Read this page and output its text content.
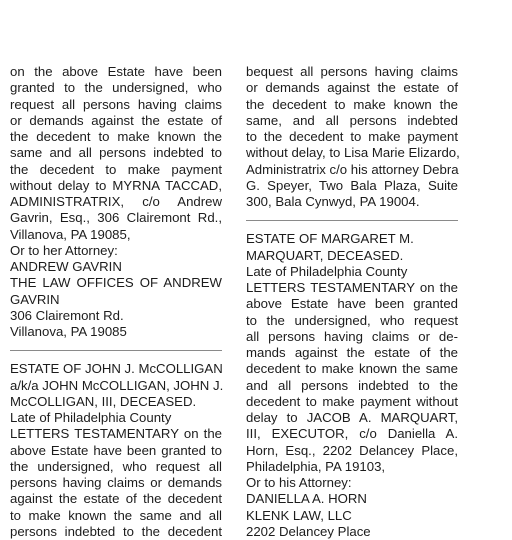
on the above Estate have been
granted to the undersigned, who
request all persons having claims
or demands against the estate of
the decedent to make known the
same and all persons indebted to
the decedent to make payment
without delay to MYRNA TACCAD,
ADMINISTRATRIX, c/o Andrew
Gavrin, Esq., 306 Clairemont Rd.,
Villanova, PA 19085,
Or to her Attorney:
ANDREW GAVRIN
THE LAW OFFICES OF ANDREW
GAVRIN
306 Clairemont Rd.
Villanova, PA 19085
ESTATE OF JOHN J. McCOLLIGAN
a/k/a JOHN McCOLLIGAN, JOHN J.
McCOLLIGAN, III, DECEASED.
Late of Philadelphia County
LETTERS TESTAMENTARY on the
above Estate have been granted to
the undersigned, who request all
persons having claims or demands
against the estate of the decedent
to make known the same and all
persons indebted to the decedent
bequest all persons having claims
or demands against the estate of
the decedent to make known the
same, and all persons indebted
to the decedent to make payment
without delay, to Lisa Marie Elizardo,
Administratrix c/o his attorney Debra
G. Speyer, Two Bala Plaza, Suite
300, Bala Cynwyd, PA 19004.
ESTATE OF MARGARET M.
MARQUART, DECEASED.
Late of Philadelphia County
LETTERS TESTAMENTARY on the
above Estate have been granted
to the undersigned, who request
all persons having claims or de-
mands against the estate of the
decedent to make known the same
and all persons indebted to the
decedent to make payment without
delay to JACOB A. MARQUART,
III, EXECUTOR, c/o Daniella A.
Horn, Esq., 2202 Delancey Place,
Philadelphia, PA 19103,
Or to his Attorney:
DANIELLA A. HORN
KLENK LAW, LLC
2202 Delancey Place
